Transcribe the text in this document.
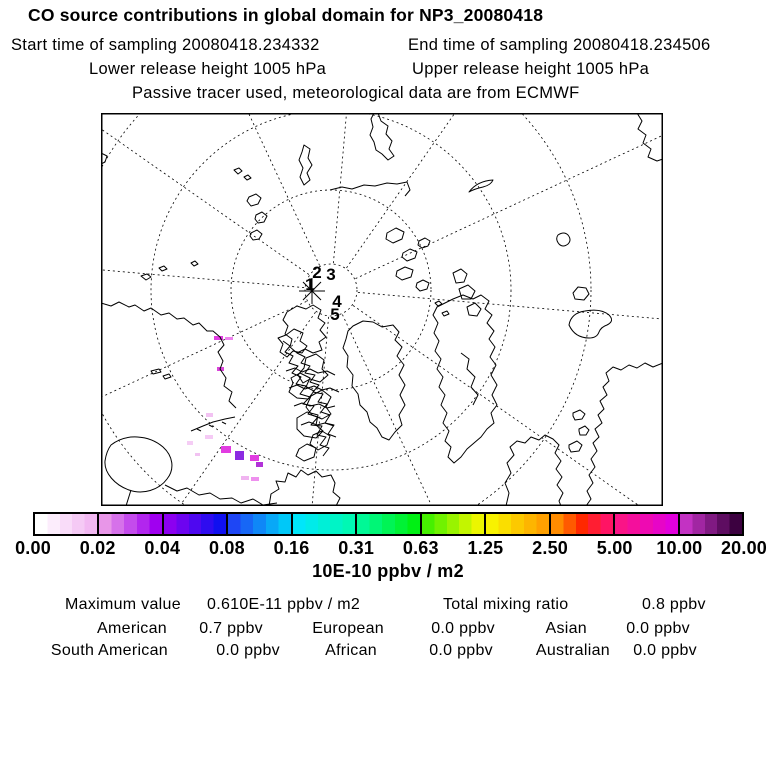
CO source contributions in global domain for NP3_20080418
Start time of sampling 20080418.234332	End time of sampling 20080418.234506
Lower release height 1005 hPa	Upper release height 1005 hPa
Passive tracer used, meteorological data are from ECMWF
1
2 3
4
5
0.00 0.02 0.04 0.08 0.16 0.31 0.63 1.25 2.50 5.00 10.00 20.00
10E-10 ppbv / m2
Maximum value 0.610E-11 ppbv / m2	Total mixing ratio	0.8 ppbv
American 0.7 ppbv	European	0.0 ppbv	Asian 0.0 ppbv
South American	0.0 ppbv	African	0.0 ppbv	Australian 0.0 ppbv
